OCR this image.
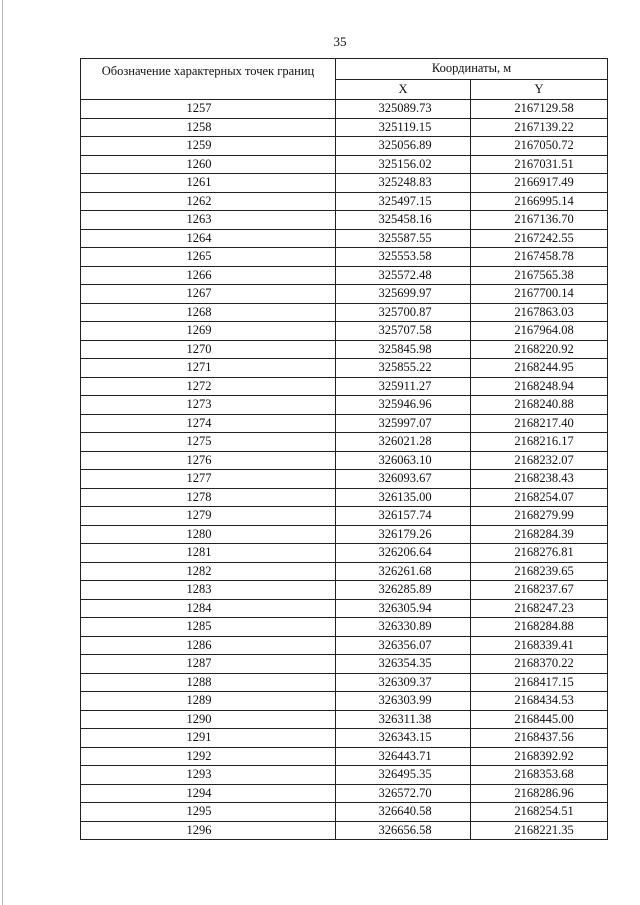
35
Обозначение характерных точек границ	Координаты, м	
	X	Y
1257	325089.73	2167129.58
1258	325119.15	2167139.22
1259	325056.89	2167050.72
1260	325156.02	2167031.51
1261	325248.83	2166917.49
1262	325497.15	2166995.14
1263	325458.16	2167136.70
1264	325587.55	2167242.55
1265	325553.58	2167458.78
1266	325572.48	2167565.38
1267	325699.97	2167700.14
1268	325700.87	2167863.03
1269	325707.58	2167964.08
1270	325845.98	2168220.92
1271	325855.22	2168244.95
1272	325911.27	2168248.94
1273	325946.96	2168240.88
1274	325997.07	2168217.40
1275	326021.28	2168216.17
1276	326063.10	2168232.07
1277	326093.67	2168238.43
1278	326135.00	2168254.07
1279	326157.74	2168279.99
1280	326179.26	2168284.39
1281	326206.64	2168276.81
1282	326261.68	2168239.65
1283	326285.89	2168237.67
1284	326305.94	2168247.23
1285	326330.89	2168284.88
1286	326356.07	2168339.41
1287	326354.35	2168370.22
1288	326309.37	2168417.15
1289	326303.99	2168434.53
1290	326311.38	2168445.00
1291	326343.15	2168437.56
1292	326443.71	2168392.92
1293	326495.35	2168353.68
1294	326572.70	2168286.96
1295	326640.58	2168254.51
1296	326656.58	2168221.35
